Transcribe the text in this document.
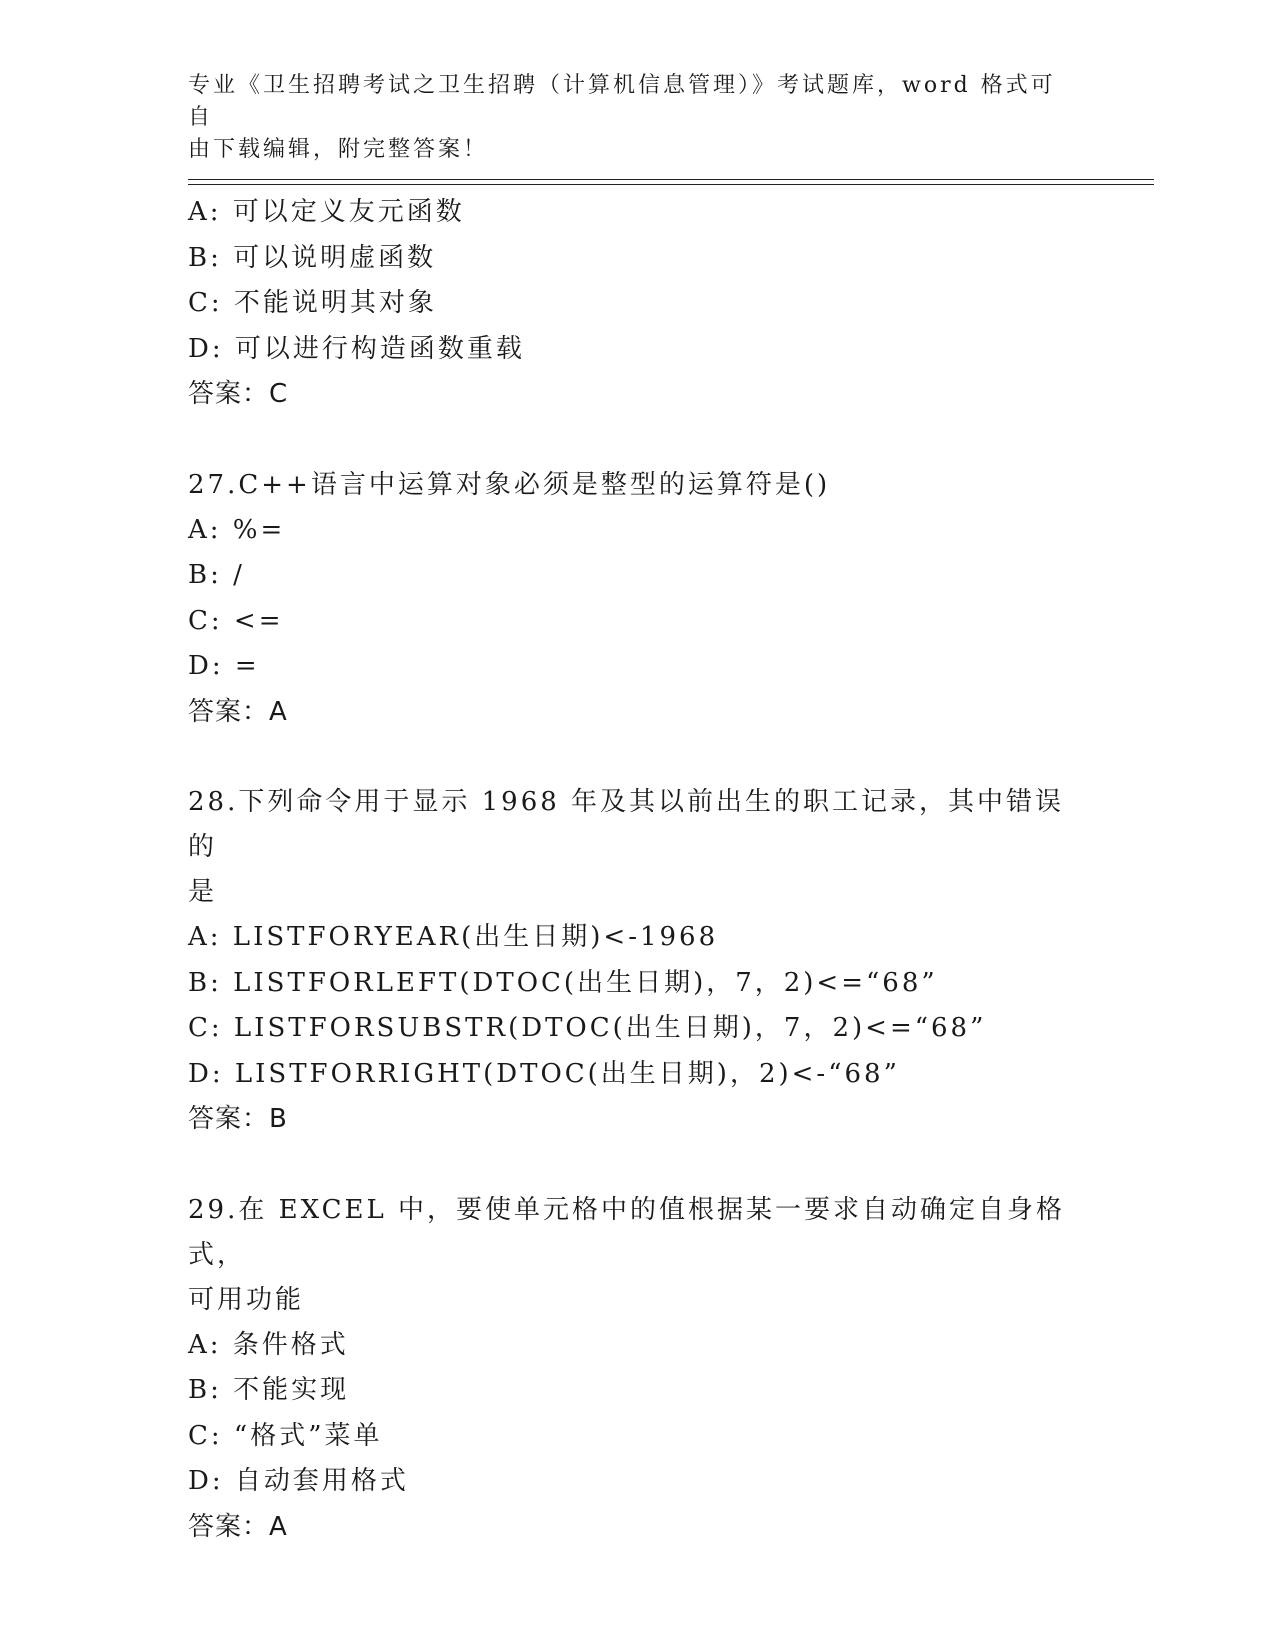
专业《卫生招聘考试之卫生招聘（计算机信息管理）》考试题库，word 格式可自
由下载编辑，附完整答案！
A: 可以定义友元函数
B: 可以说明虚函数
C: 不能说明其对象
D: 可以进行构造函数重载
答案：C
27.C++语言中运算对象必须是整型的运算符是()
A: %=
B: /
C: <=
D: =
答案：A
28.下列命令用于显示 1968 年及其以前出生的职工记录，其中错误的
是
A: LISTFORYEAR(出生日期)<-1968
B: LISTFORLEFT(DTOC(出生日期)，7，2)<=“68”
C: LISTFORSUBSTR(DTOC(出生日期)，7，2)<=“68”
D: LISTFORRIGHT(DTOC(出生日期)，2)<-“68”
答案：B
29.在 EXCEL 中，要使单元格中的值根据某一要求自动确定自身格式，
可用功能
A: 条件格式
B: 不能实现
C: “格式”菜单
D: 自动套用格式
答案：A
